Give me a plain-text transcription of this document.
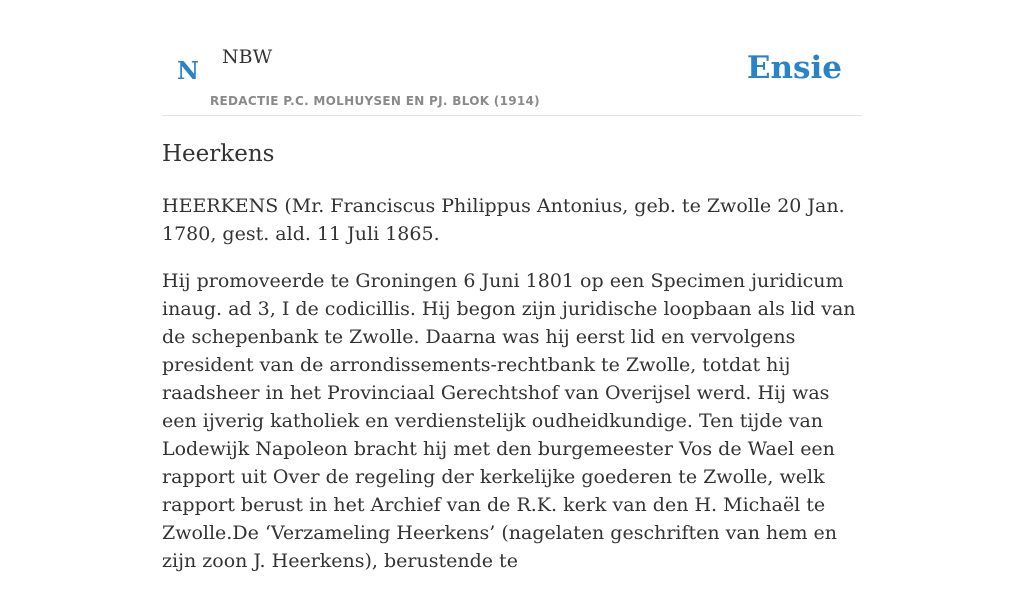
N NBW
REDACTIE P.C. MOLHUYSEN EN PJ. BLOK (1914)
Ensie
Heerkens

HEERKENS (Mr. Franciscus Philippus Antonius, geb. te Zwolle 20 Jan. 1780, gest. ald. 11 Juli 1865.

Hij promoveerde te Groningen 6 Juni 1801 op een Specimen juridicum inaug. ad 3, I de codicillis. Hij begon zijn juridische loopbaan als lid van de schepenbank te Zwolle. Daarna was hij eerst lid en vervolgens president van de arrondissements-rechtbank te Zwolle, totdat hij raadsheer in het Provinciaal Gerechtshof van Overijsel werd. Hij was een ijverig katholiek en verdienstelijk oudheidkundige. Ten tijde van Lodewijk Napoleon bracht hij met den burgemeester Vos de Wael een rapport uit Over de regeling der kerkelijke goederen te Zwolle, welk rapport berust in het Archief van de R.K. kerk van den H. Michaël te Zwolle.De ‘Verzameling Heerkens’ (nagelaten geschriften van hem en zijn zoon J. Heerkens), berustende te
